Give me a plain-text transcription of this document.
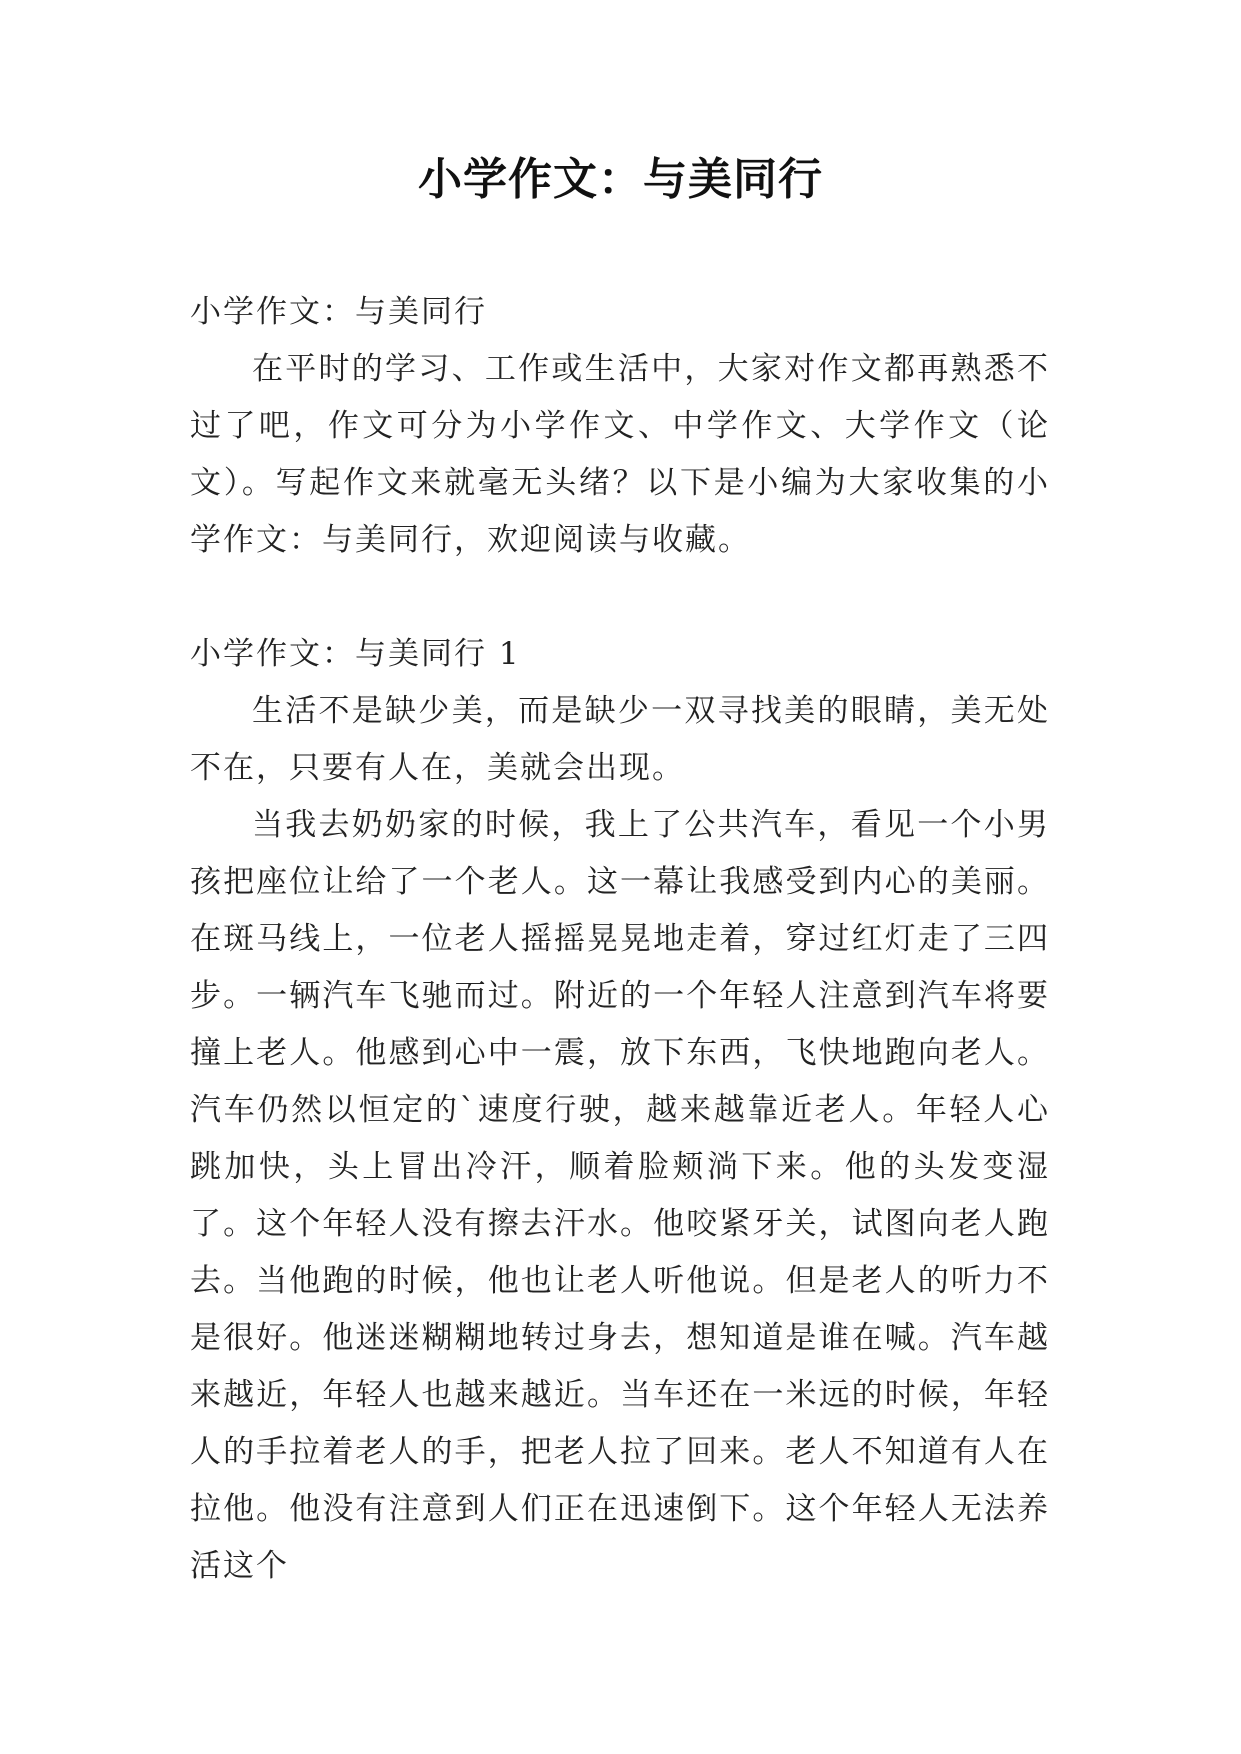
小学作文：与美同行

小学作文：与美同行

在平时的学习、工作或生活中，大家对作文都再熟悉不过了吧，作文可分为小学作文、中学作文、大学作文（论文）。写起作文来就毫无头绪？以下是小编为大家收集的小学作文：与美同行，欢迎阅读与收藏。

小学作文：与美同行 1

生活不是缺少美，而是缺少一双寻找美的眼睛，美无处不在，只要有人在，美就会出现。

当我去奶奶家的时候，我上了公共汽车，看见一个小男孩把座位让给了一个老人。这一幕让我感受到内心的美丽。在斑马线上，一位老人摇摇晃晃地走着，穿过红灯走了三四步。一辆汽车飞驰而过。附近的一个年轻人注意到汽车将要撞上老人。他感到心中一震，放下东西，飞快地跑向老人。汽车仍然以恒定的`速度行驶，越来越靠近老人。年轻人心跳加快，头上冒出冷汗，顺着脸颊淌下来。他的头发变湿了。这个年轻人没有擦去汗水。他咬紧牙关，试图向老人跑去。当他跑的时候，他也让老人听他说。但是老人的听力不是很好。他迷迷糊糊地转过身去，想知道是谁在喊。汽车越来越近，年轻人也越来越近。当车还在一米远的时候，年轻人的手拉着老人的手，把老人拉了回来。老人不知道有人在拉他。他没有注意到人们正在迅速倒下。这个年轻人无法养活这个
